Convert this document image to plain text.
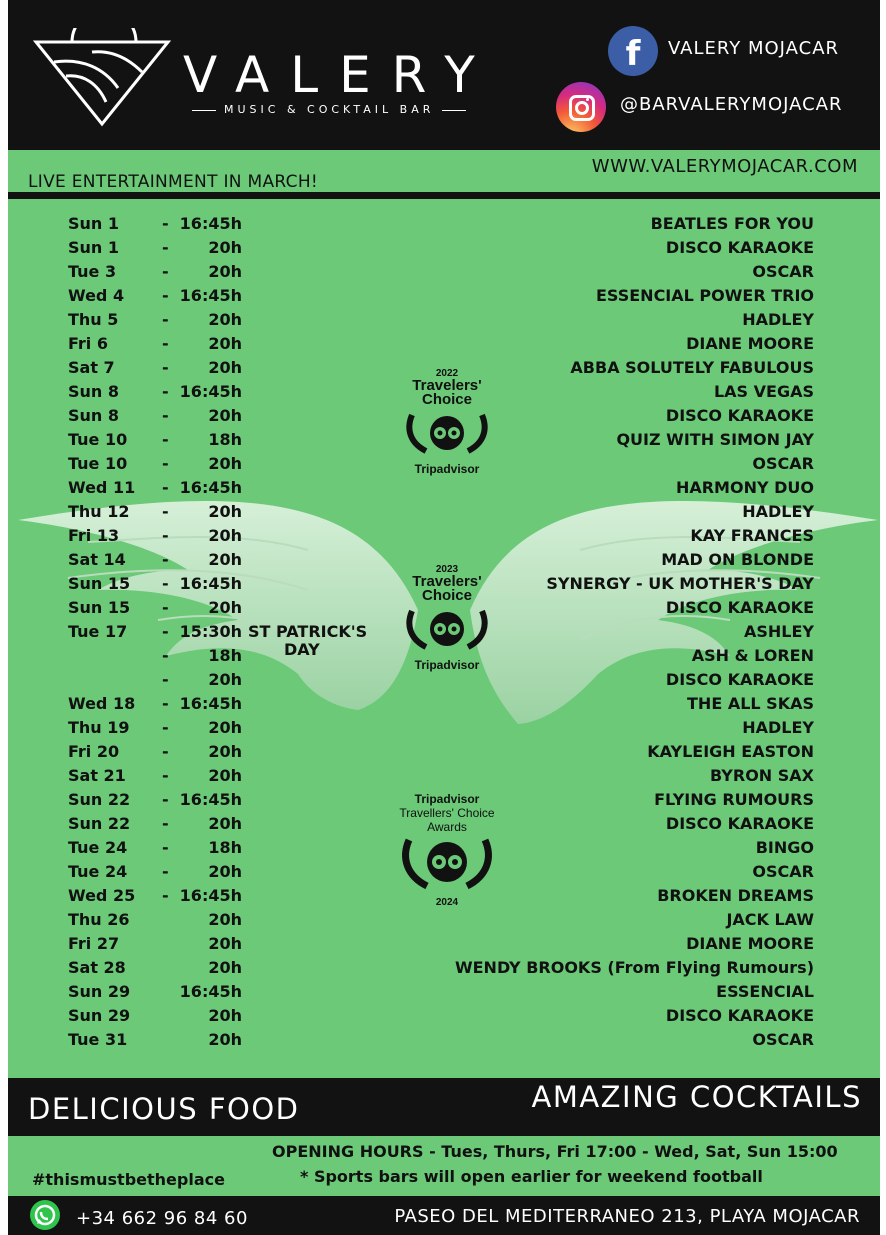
VALERY
MUSIC & COCKTAIL BAR
f	VALERY MOJACAR
@BARVALERYMOJACAR
WWW.VALERYMOJACAR.COM
LIVE ENTERTAINMENT IN MARCH!
2022
Travelers'
Choice
Tripadvisor
2023
Travelers'
Choice
Tripadvisor
Tripadvisor
Travellers' Choice Awards
2024
Sun 1	- 16:45h	BEATLES FOR YOU
Sun 1	- 20h	DISCO KARAOKE
Tue 3	- 20h	OSCAR
Wed 4 - 16:45h	ESSENCIAL POWER TRIO
Thu 5	- 20h	HADLEY
Fri 6	- 20h	DIANE MOORE
Sat 7	- 20h	ABBA SOLUTELY FABULOUS
Sun 8	- 16:45h	LAS VEGAS
Sun 8	- 20h	DISCO KARAOKE
Tue 10 - 18h	QUIZ WITH SIMON JAY
Tue 10 - 20h	OSCAR
Wed 11 - 16:45h	HARMONY DUO
Thu 12 - 20h	HADLEY
Fri 13	- 20h	KAY FRANCES
Sat 14 - 20h	MAD ON BLONDE
Sun 15 - 16:45h	SYNERGY - UK MOTHER'S DAY
Sun 15 - 20h	DISCO KARAOKE
Tue 17 - 15:30h	ASHLEY
ST PATRICK'S
- 18h	ASH & LOREN
- 20h	DISCO KARAOKE
Wed 18 - 16:45h	THE ALL SKAS
Thu 19 - 20h	HADLEY
Fri 20	- 20h	KAYLEIGH EASTON
Sat 21 - 20h	BYRON SAX
Sun 22 - 16:45h	FLYING RUMOURS
Sun 22 - 20h	DISCO KARAOKE
Tue 24 - 18h	BINGO
Tue 24 - 20h	OSCAR
Wed 25 - 16:45h	BROKEN DREAMS
Thu 26	20h	JACK LAW
Fri 27	20h	DIANE MOORE
Sat 28	20h	WENDY BROOKS (From Flying Rumours)
Sun 29	16:45h	ESSENCIAL
Sun 29	20h	DISCO KARAOKE
Tue 31	20h	OSCAR
DAY
DELICIOUS FOOD	AMAZING COCKTAILS
OPENING HOURS - Tues, Thurs, Fri 17:00 - Wed, Sat, Sun 15:00
* Sports bars will open earlier for weekend football
#thismustbetheplace
+34 662 96 84 60	PASEO DEL MEDITERRANEO 213, PLAYA MOJACAR
